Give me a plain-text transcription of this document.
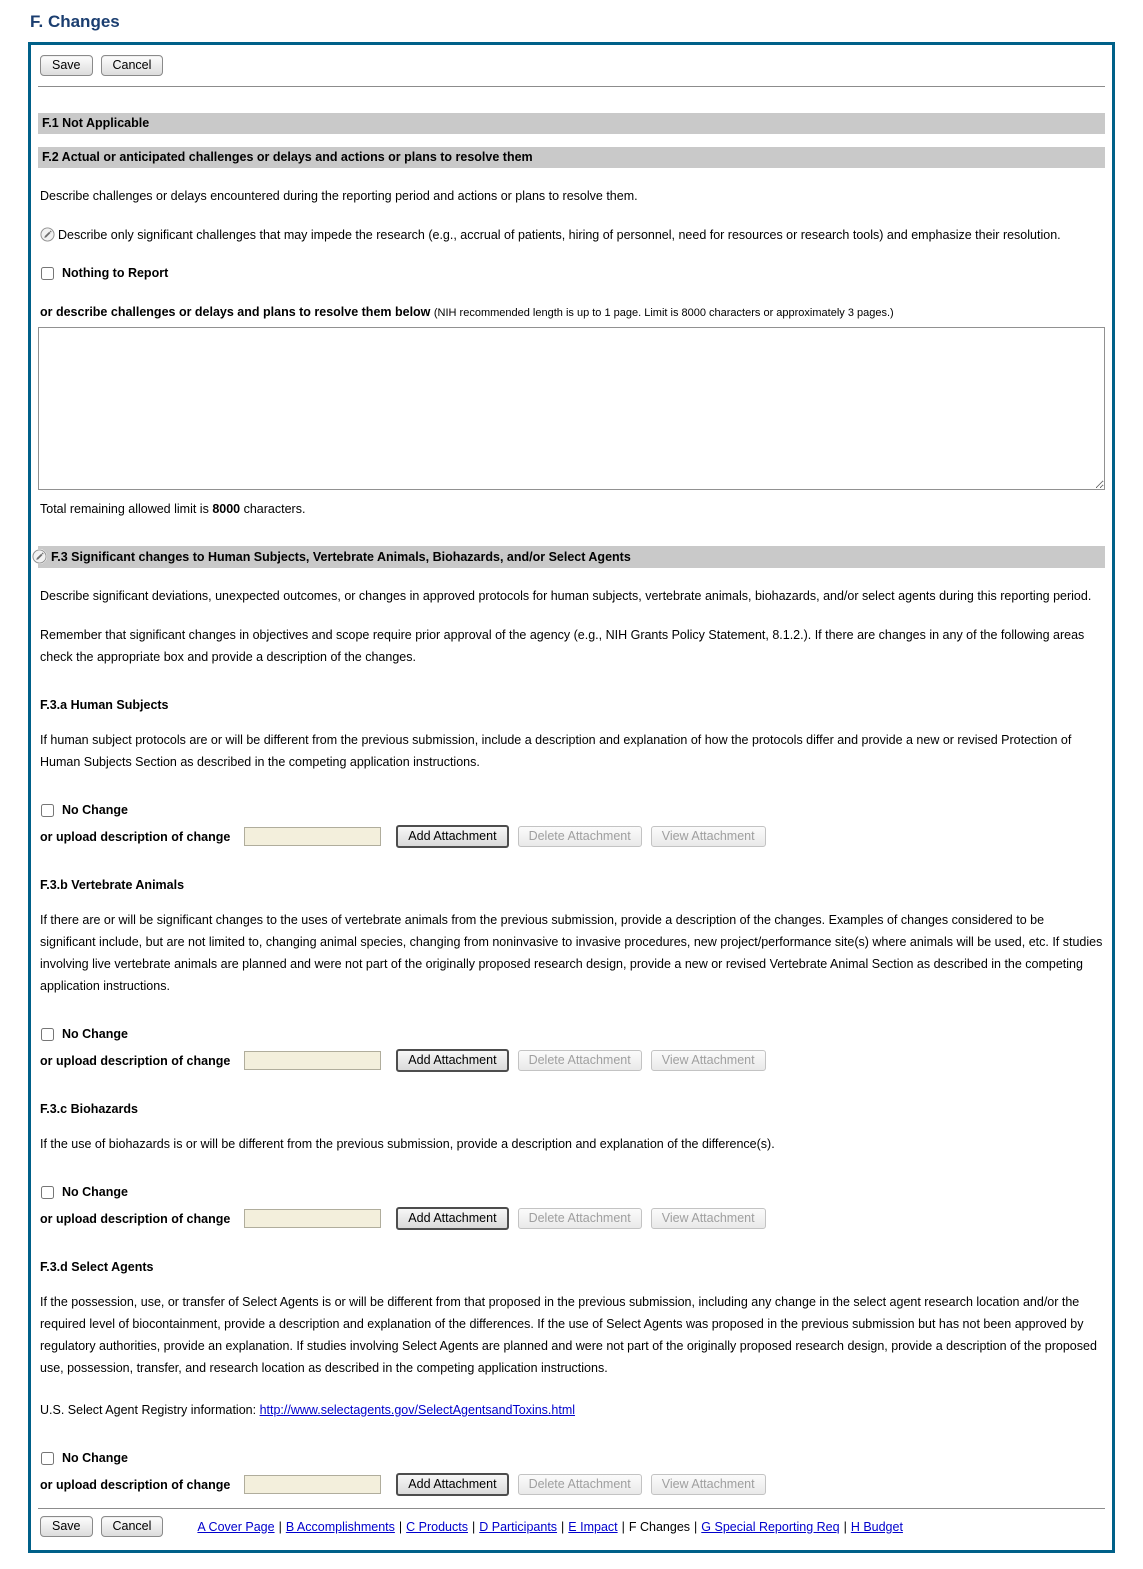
F. Changes
Save	Cancel
F.1 Not Applicable
F.2 Actual or anticipated challenges or delays and actions or plans to resolve them

Describe challenges or delays encountered during the reporting period and actions or plans to resolve them.

Describe only significant challenges that may impede the research (e.g., accrual of patients, hiring of personnel, need for resources or research tools) and emphasize their resolution.

Nothing to Report

or describe challenges or delays and plans to resolve them below (NIH recommended length is up to 1 page. Limit is 8000 characters or approximately 3 pages.)

Total remaining allowed limit is 8000 characters.

F.3 Significant changes to Human Subjects, Vertebrate Animals, Biohazards, and/or Select Agents

Describe significant deviations, unexpected outcomes, or changes in approved protocols for human subjects, vertebrate animals, biohazards, and/or select agents during this reporting period.

Remember that significant changes in objectives and scope require prior approval of the agency (e.g., NIH Grants Policy Statement, 8.1.2.). If there are changes in any of the following areas check the appropriate box and provide a description of the changes.

F.3.a Human Subjects

If human subject protocols are or will be different from the previous submission, include a description and explanation of how the protocols differ and provide a new or revised Protection of Human Subjects Section as described in the competing application instructions.

No Change
or upload description of change	Add Attachment	Delete Attachment	View Attachment
F.3.b Vertebrate Animals

If there are or will be significant changes to the uses of vertebrate animals from the previous submission, provide a description of the changes. Examples of changes considered to be significant include, but are not limited to, changing animal species, changing from noninvasive to invasive procedures, new project/performance site(s) where animals will be used, etc. If studies involving live vertebrate animals are planned and were not part of the originally proposed research design, provide a new or revised Vertebrate Animal Section as described in the competing application instructions.

No Change
or upload description of change	Add Attachment	Delete Attachment	View Attachment
F.3.c Biohazards

If the use of biohazards is or will be different from the previous submission, provide a description and explanation of the difference(s).

No Change
or upload description of change	Add Attachment	Delete Attachment	View Attachment
F.3.d Select Agents

If the possession, use, or transfer of Select Agents is or will be different from that proposed in the previous submission, including any change in the select agent research location and/or the required level of biocontainment, provide a description and explanation of the differences. If the use of Select Agents was proposed in the previous submission but has not been approved by regulatory authorities, provide an explanation. If studies involving Select Agents are planned and were not part of the originally proposed research design, provide a description of the proposed use, possession, transfer, and research location as described in the competing application instructions.

U.S. Select Agent Registry information: http://www.selectagents.gov/SelectAgentsandToxins.html

No Change
or upload description of change	Add Attachment	Delete Attachment	View Attachment
Save	Cancel	A Cover Page | B Accomplishments | C Products | D Participants | E Impact | F Changes | G Special Reporting Req | H Budget
